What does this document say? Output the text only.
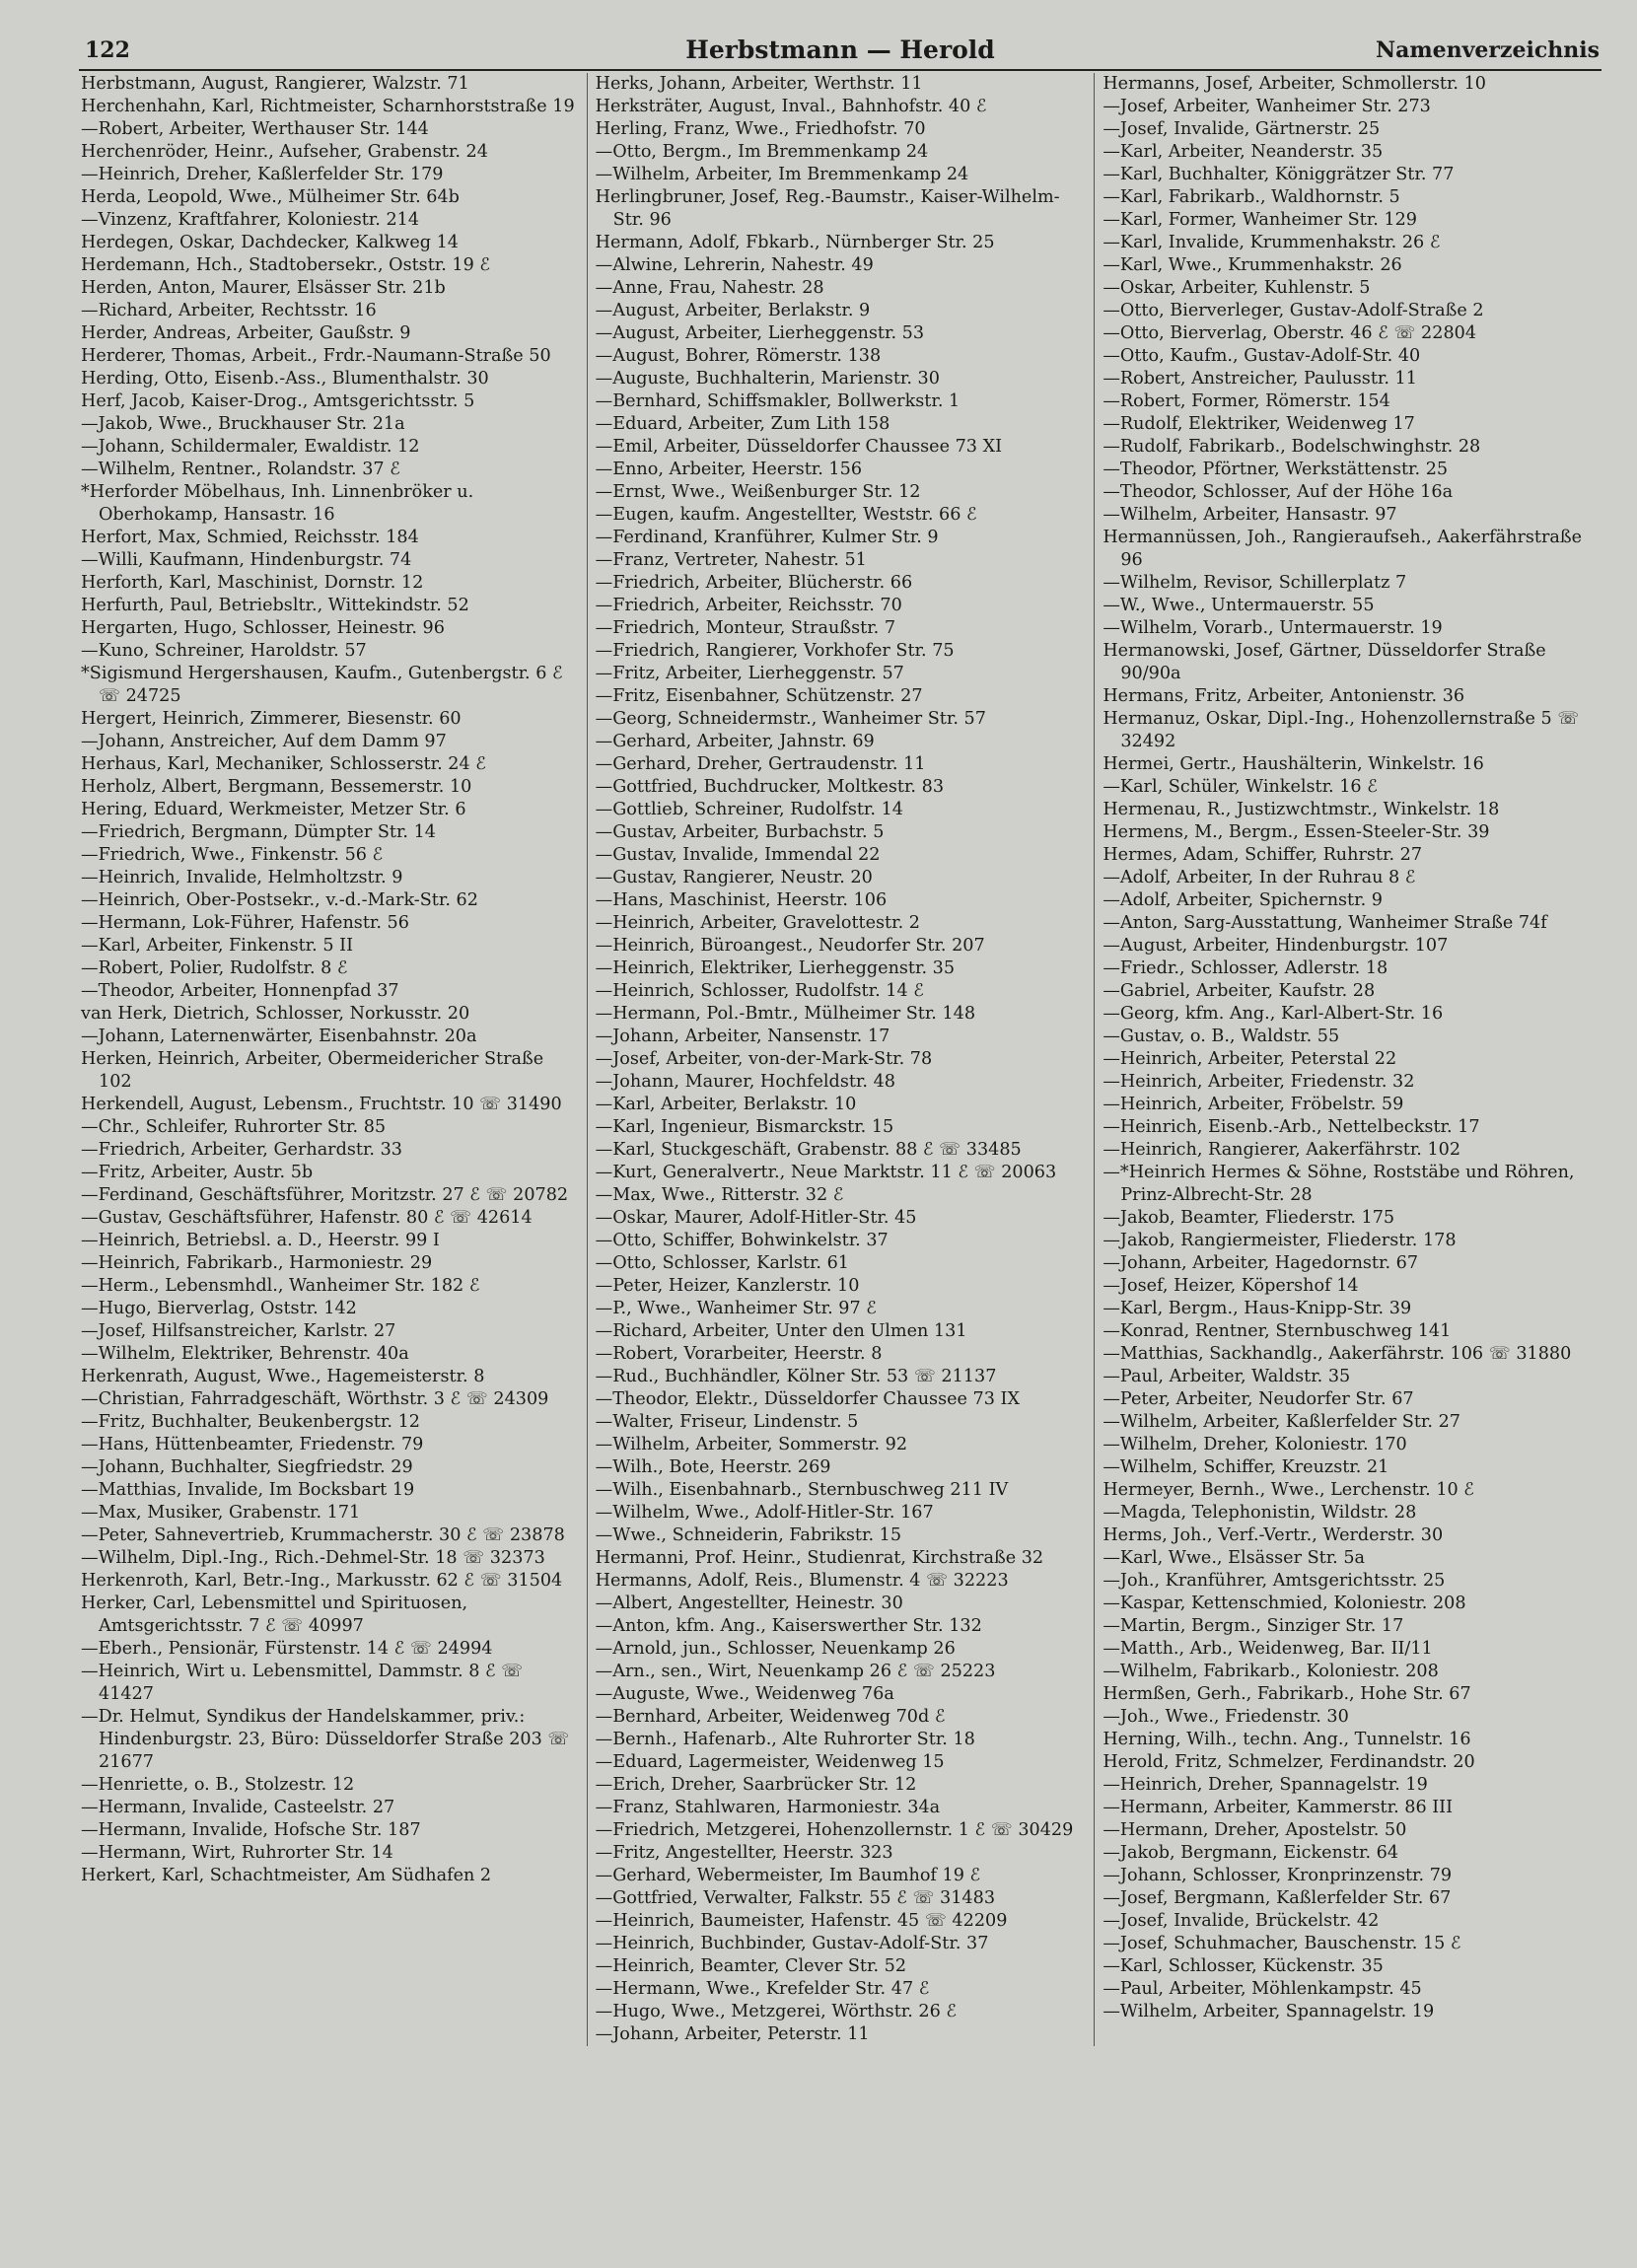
122	Herbstmann — Herold	Namenverzeichnis
Herbstmann, August, Rangierer, Walzstr. 71
Herchenhahn, Karl, Richtmeister, Scharnhorststraße 19
—Robert, Arbeiter, Werthauser Str. 144
Herchenröder, Heinr., Aufseher, Grabenstr. 24
—Heinrich, Dreher, Kaßlerfelder Str. 179
Herda, Leopold, Wwe., Mülheimer Str. 64b
—Vinzenz, Kraftfahrer, Koloniestr. 214
Herdegen, Oskar, Dachdecker, Kalkweg 14
Herdemann, Hch., Stadtobersekr., Oststr. 19 ℰ
Herden, Anton, Maurer, Elsässer Str. 21b
—Richard, Arbeiter, Rechtsstr. 16
Herder, Andreas, Arbeiter, Gaußstr. 9
Herderer, Thomas, Arbeit., Frdr.-Naumann-Straße 50
Herding, Otto, Eisenb.-Ass., Blumenthalstr. 30
Herf, Jacob, Kaiser-Drog., Amtsgerichtsstr. 5
—Jakob, Wwe., Bruckhauser Str. 21a
—Johann, Schildermaler, Ewaldistr. 12
—Wilhelm, Rentner., Rolandstr. 37 ℰ
*Herforder Möbelhaus, Inh. Linnenbröker u. Oberhokamp, Hansastr. 16
Herfort, Max, Schmied, Reichsstr. 184
—Willi, Kaufmann, Hindenburgstr. 74
Herforth, Karl, Maschinist, Dornstr. 12
Herfurth, Paul, Betriebsltr., Wittekindstr. 52
Hergarten, Hugo, Schlosser, Heinestr. 96
—Kuno, Schreiner, Haroldstr. 57
*Sigismund Hergershausen, Kaufm., Gutenbergstr. 6 ℰ ☏ 24725
Hergert, Heinrich, Zimmerer, Biesenstr. 60
—Johann, Anstreicher, Auf dem Damm 97
Herhaus, Karl, Mechaniker, Schlosserstr. 24 ℰ
Herholz, Albert, Bergmann, Bessemerstr. 10
Hering, Eduard, Werkmeister, Metzer Str. 6
—Friedrich, Bergmann, Dümpter Str. 14
—Friedrich, Wwe., Finkenstr. 56 ℰ
—Heinrich, Invalide, Helmholtzstr. 9
—Heinrich, Ober-Postsekr., v.-d.-Mark-Str. 62
—Hermann, Lok-Führer, Hafenstr. 56
—Karl, Arbeiter, Finkenstr. 5 II
—Robert, Polier, Rudolfstr. 8 ℰ
—Theodor, Arbeiter, Honnenpfad 37
van Herk, Dietrich, Schlosser, Norkusstr. 20
—Johann, Laternenwärter, Eisenbahnstr. 20a
Herken, Heinrich, Arbeiter, Obermeidericher Straße 102
Herkendell, August, Lebensm., Fruchtstr. 10 ☏ 31490
—Chr., Schleifer, Ruhrorter Str. 85
—Friedrich, Arbeiter, Gerhardstr. 33
—Fritz, Arbeiter, Austr. 5b
—Ferdinand, Geschäftsführer, Moritzstr. 27 ℰ ☏ 20782
—Gustav, Geschäftsführer, Hafenstr. 80 ℰ ☏ 42614
—Heinrich, Betriebsl. a. D., Heerstr. 99 I
—Heinrich, Fabrikarb., Harmoniestr. 29
—Herm., Lebensmhdl., Wanheimer Str. 182 ℰ
—Hugo, Bierverlag, Oststr. 142
—Josef, Hilfsanstreicher, Karlstr. 27
—Wilhelm, Elektriker, Behrenstr. 40a
Herkenrath, August, Wwe., Hagemeisterstr. 8
—Christian, Fahrradgeschäft, Wörthstr. 3 ℰ ☏ 24309
—Fritz, Buchhalter, Beukenbergstr. 12
—Hans, Hüttenbeamter, Friedenstr. 79
—Johann, Buchhalter, Siegfriedstr. 29
—Matthias, Invalide, Im Bocksbart 19
—Max, Musiker, Grabenstr. 171
—Peter, Sahnevertrieb, Krummacherstr. 30 ℰ ☏ 23878
—Wilhelm, Dipl.-Ing., Rich.-Dehmel-Str. 18 ☏ 32373
Herkenroth, Karl, Betr.-Ing., Markusstr. 62 ℰ ☏ 31504
Herker, Carl, Lebensmittel und Spirituosen, Amtsgerichtsstr. 7 ℰ ☏ 40997
—Eberh., Pensionär, Fürstenstr. 14 ℰ ☏ 24994
—Heinrich, Wirt u. Lebensmittel, Dammstr. 8 ℰ ☏ 41427
—Dr. Helmut, Syndikus der Handelskammer, priv.: Hindenburgstr. 23, Büro: Düsseldorfer Straße 203 ☏ 21677
—Henriette, o. B., Stolzestr. 12
—Hermann, Invalide, Casteelstr. 27
—Hermann, Invalide, Hofsche Str. 187
—Hermann, Wirt, Ruhrorter Str. 14
Herkert, Karl, Schachtmeister, Am Südhafen 2
Herks, Johann, Arbeiter, Werthstr. 11
Herksträter, August, Inval., Bahnhofstr. 40 ℰ
Herling, Franz, Wwe., Friedhofstr. 70
—Otto, Bergm., Im Bremmenkamp 24
—Wilhelm, Arbeiter, Im Bremmenkamp 24
Herlingbruner, Josef, Reg.-Baumstr., Kaiser-Wilhelm-Str. 96
Hermann, Adolf, Fbkarb., Nürnberger Str. 25
—Alwine, Lehrerin, Nahestr. 49
—Anne, Frau, Nahestr. 28
—August, Arbeiter, Berlakstr. 9
—August, Arbeiter, Lierheggenstr. 53
—August, Bohrer, Römerstr. 138
—Auguste, Buchhalterin, Marienstr. 30
—Bernhard, Schiffsmakler, Bollwerkstr. 1
—Eduard, Arbeiter, Zum Lith 158
—Emil, Arbeiter, Düsseldorfer Chaussee 73 XI
—Enno, Arbeiter, Heerstr. 156
—Ernst, Wwe., Weißenburger Str. 12
—Eugen, kaufm. Angestellter, Weststr. 66 ℰ
—Ferdinand, Kranführer, Kulmer Str. 9
—Franz, Vertreter, Nahestr. 51
—Friedrich, Arbeiter, Blücherstr. 66
—Friedrich, Arbeiter, Reichsstr. 70
—Friedrich, Monteur, Straußstr. 7
—Friedrich, Rangierer, Vorkhofer Str. 75
—Fritz, Arbeiter, Lierheggenstr. 57
—Fritz, Eisenbahner, Schützenstr. 27
—Georg, Schneidermstr., Wanheimer Str. 57
—Gerhard, Arbeiter, Jahnstr. 69
—Gerhard, Dreher, Gertraudenstr. 11
—Gottfried, Buchdrucker, Moltkestr. 83
—Gottlieb, Schreiner, Rudolfstr. 14
—Gustav, Arbeiter, Burbachstr. 5
—Gustav, Invalide, Immendal 22
—Gustav, Rangierer, Neustr. 20
—Hans, Maschinist, Heerstr. 106
—Heinrich, Arbeiter, Gravelottestr. 2
—Heinrich, Büroangest., Neudorfer Str. 207
—Heinrich, Elektriker, Lierheggenstr. 35
—Heinrich, Schlosser, Rudolfstr. 14 ℰ
—Hermann, Pol.-Bmtr., Mülheimer Str. 148
—Johann, Arbeiter, Nansenstr. 17
—Josef, Arbeiter, von-der-Mark-Str. 78
—Johann, Maurer, Hochfeldstr. 48
—Karl, Arbeiter, Berlakstr. 10
—Karl, Ingenieur, Bismarckstr. 15
—Karl, Stuckgeschäft, Grabenstr. 88 ℰ ☏ 33485
—Kurt, Generalvertr., Neue Marktstr. 11 ℰ ☏ 20063
—Max, Wwe., Ritterstr. 32 ℰ
—Oskar, Maurer, Adolf-Hitler-Str. 45
—Otto, Schiffer, Bohwinkelstr. 37
—Otto, Schlosser, Karlstr. 61
—Peter, Heizer, Kanzlerstr. 10
—P., Wwe., Wanheimer Str. 97 ℰ
—Richard, Arbeiter, Unter den Ulmen 131
—Robert, Vorarbeiter, Heerstr. 8
—Rud., Buchhändler, Kölner Str. 53 ☏ 21137
—Theodor, Elektr., Düsseldorfer Chaussee 73 IX
—Walter, Friseur, Lindenstr. 5
—Wilhelm, Arbeiter, Sommerstr. 92
—Wilh., Bote, Heerstr. 269
—Wilh., Eisenbahnarb., Sternbuschweg 211 IV
—Wilhelm, Wwe., Adolf-Hitler-Str. 167
—Wwe., Schneiderin, Fabrikstr. 15
Hermanni, Prof. Heinr., Studienrat, Kirchstraße 32
Hermanns, Adolf, Reis., Blumenstr. 4 ☏ 32223
—Albert, Angestellter, Heinestr. 30
—Anton, kfm. Ang., Kaiserswerther Str. 132
—Arnold, jun., Schlosser, Neuenkamp 26
—Arn., sen., Wirt, Neuenkamp 26 ℰ ☏ 25223
—Auguste, Wwe., Weidenweg 76a
—Bernhard, Arbeiter, Weidenweg 70d ℰ
—Bernh., Hafenarb., Alte Ruhrorter Str. 18
—Eduard, Lagermeister, Weidenweg 15
—Erich, Dreher, Saarbrücker Str. 12
—Franz, Stahlwaren, Harmoniestr. 34a
—Friedrich, Metzgerei, Hohenzollernstr. 1 ℰ ☏ 30429
—Fritz, Angestellter, Heerstr. 323
—Gerhard, Webermeister, Im Baumhof 19 ℰ
—Gottfried, Verwalter, Falkstr. 55 ℰ ☏ 31483
—Heinrich, Baumeister, Hafenstr. 45 ☏ 42209
—Heinrich, Buchbinder, Gustav-Adolf-Str. 37
—Heinrich, Beamter, Clever Str. 52
—Hermann, Wwe., Krefelder Str. 47 ℰ
—Hugo, Wwe., Metzgerei, Wörthstr. 26 ℰ
—Johann, Arbeiter, Peterstr. 11
Hermanns, Josef, Arbeiter, Schmollerstr. 10
—Josef, Arbeiter, Wanheimer Str. 273
—Josef, Invalide, Gärtnerstr. 25
—Karl, Arbeiter, Neanderstr. 35
—Karl, Buchhalter, Königgrätzer Str. 77
—Karl, Fabrikarb., Waldhornstr. 5
—Karl, Former, Wanheimer Str. 129
—Karl, Invalide, Krummenhakstr. 26 ℰ
—Karl, Wwe., Krummenhakstr. 26
—Oskar, Arbeiter, Kuhlenstr. 5
—Otto, Bierverleger, Gustav-Adolf-Straße 2
—Otto, Bierverlag, Oberstr. 46 ℰ ☏ 22804
—Otto, Kaufm., Gustav-Adolf-Str. 40
—Robert, Anstreicher, Paulusstr. 11
—Robert, Former, Römerstr. 154
—Rudolf, Elektriker, Weidenweg 17
—Rudolf, Fabrikarb., Bodelschwinghstr. 28
—Theodor, Pförtner, Werkstättenstr. 25
—Theodor, Schlosser, Auf der Höhe 16a
—Wilhelm, Arbeiter, Hansastr. 97
Hermannüssen, Joh., Rangieraufseh., Aakerfährstraße 96
—Wilhelm, Revisor, Schillerplatz 7
—W., Wwe., Untermauerstr. 55
—Wilhelm, Vorarb., Untermauerstr. 19
Hermanowski, Josef, Gärtner, Düsseldorfer Straße 90/90a
Hermans, Fritz, Arbeiter, Antonienstr. 36
Hermanuz, Oskar, Dipl.-Ing., Hohenzollernstraße 5 ☏ 32492
Hermei, Gertr., Haushälterin, Winkelstr. 16
—Karl, Schüler, Winkelstr. 16 ℰ
Hermenau, R., Justizwchtmstr., Winkelstr. 18
Hermens, M., Bergm., Essen-Steeler-Str. 39
Hermes, Adam, Schiffer, Ruhrstr. 27
—Adolf, Arbeiter, In der Ruhrau 8 ℰ
—Adolf, Arbeiter, Spichernstr. 9
—Anton, Sarg-Ausstattung, Wanheimer Straße 74f
—August, Arbeiter, Hindenburgstr. 107
—Friedr., Schlosser, Adlerstr. 18
—Gabriel, Arbeiter, Kaufstr. 28
—Georg, kfm. Ang., Karl-Albert-Str. 16
—Gustav, o. B., Waldstr. 55
—Heinrich, Arbeiter, Peterstal 22
—Heinrich, Arbeiter, Friedenstr. 32
—Heinrich, Arbeiter, Fröbelstr. 59
—Heinrich, Eisenb.-Arb., Nettelbeckstr. 17
—Heinrich, Rangierer, Aakerfährstr. 102
—*Heinrich Hermes & Söhne, Roststäbe und Röhren, Prinz-Albrecht-Str. 28
—Jakob, Beamter, Fliederstr. 175
—Jakob, Rangiermeister, Fliederstr. 178
—Johann, Arbeiter, Hagedornstr. 67
—Josef, Heizer, Köpershof 14
—Karl, Bergm., Haus-Knipp-Str. 39
—Konrad, Rentner, Sternbuschweg 141
—Matthias, Sackhandlg., Aakerfährstr. 106 ☏ 31880
—Paul, Arbeiter, Waldstr. 35
—Peter, Arbeiter, Neudorfer Str. 67
—Wilhelm, Arbeiter, Kaßlerfelder Str. 27
—Wilhelm, Dreher, Koloniestr. 170
—Wilhelm, Schiffer, Kreuzstr. 21
Hermeyer, Bernh., Wwe., Lerchenstr. 10 ℰ
—Magda, Telephonistin, Wildstr. 28
Herms, Joh., Verf.-Vertr., Werderstr. 30
—Karl, Wwe., Elsässer Str. 5a
—Joh., Kranführer, Amtsgerichtsstr. 25
—Kaspar, Kettenschmied, Koloniestr. 208
—Martin, Bergm., Sinziger Str. 17
—Matth., Arb., Weidenweg, Bar. II/11
—Wilhelm, Fabrikarb., Koloniestr. 208
Hermßen, Gerh., Fabrikarb., Hohe Str. 67
—Joh., Wwe., Friedenstr. 30
Herning, Wilh., techn. Ang., Tunnelstr. 16
Herold, Fritz, Schmelzer, Ferdinandstr. 20
—Heinrich, Dreher, Spannagelstr. 19
—Hermann, Arbeiter, Kammerstr. 86 III
—Hermann, Dreher, Apostelstr. 50
—Jakob, Bergmann, Eickenstr. 64
—Johann, Schlosser, Kronprinzenstr. 79
—Josef, Bergmann, Kaßlerfelder Str. 67
—Josef, Invalide, Brückelstr. 42
—Josef, Schuhmacher, Bauschenstr. 15 ℰ
—Karl, Schlosser, Kückenstr. 35
—Paul, Arbeiter, Möhlenkampstr. 45
—Wilhelm, Arbeiter, Spannagelstr. 19
